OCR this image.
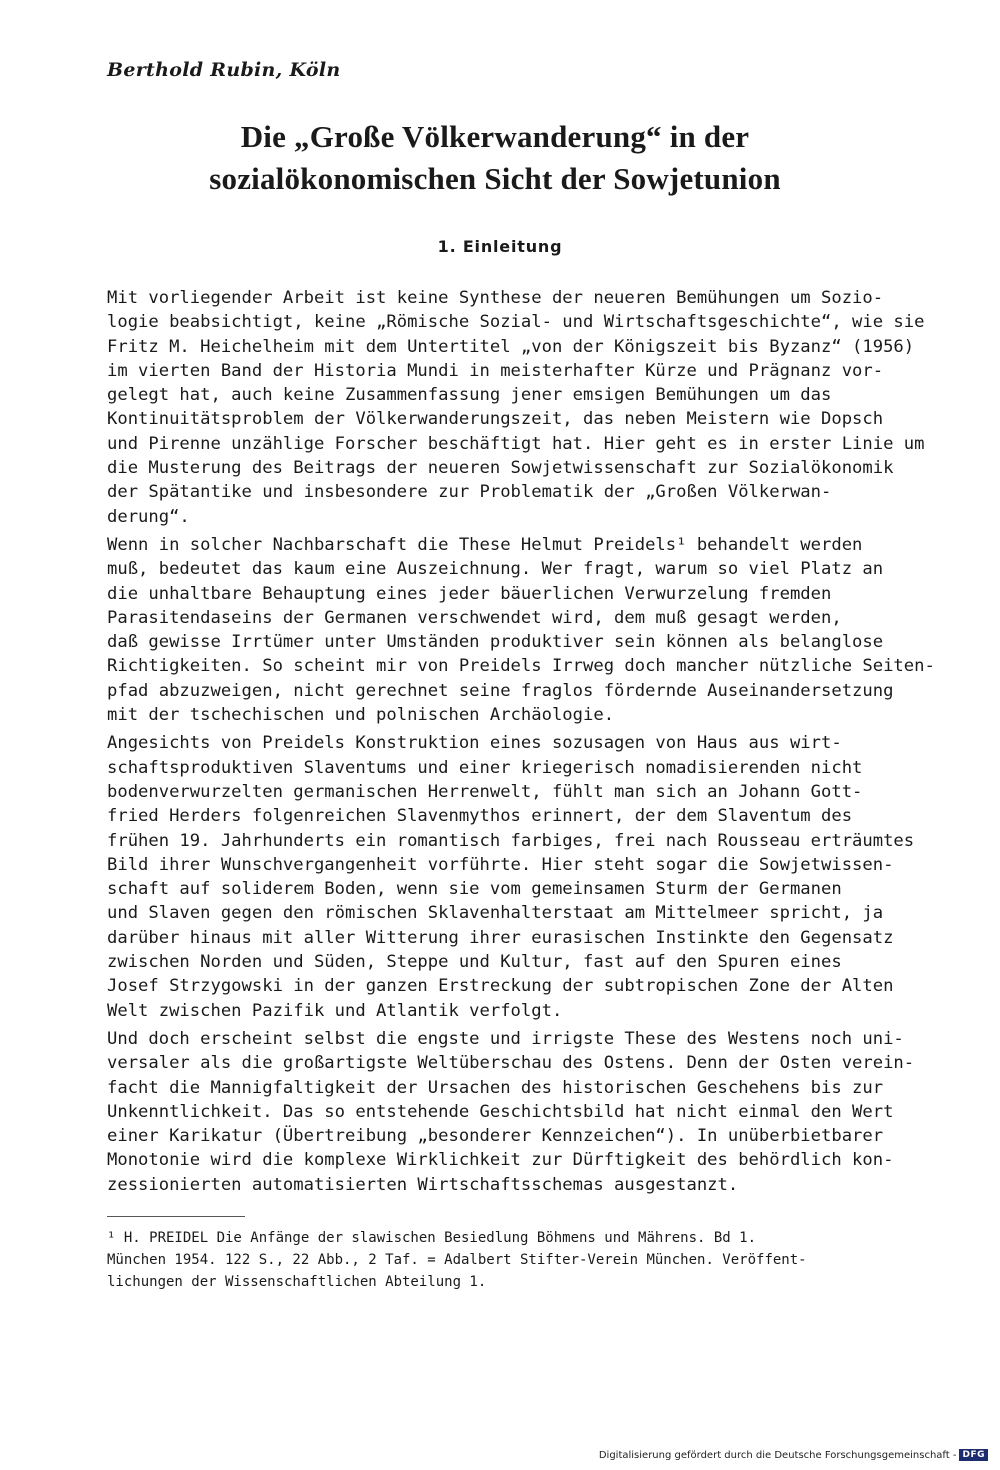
Berthold Rubin, Köln
Die „Große Völkerwanderung“ in der
sozialökonomischen Sicht der Sowjetunion
1. Einleitung
Mit vorliegender Arbeit ist keine Synthese der neueren Bemühungen um Sozio-
logie beabsichtigt, keine „Römische Sozial- und Wirtschaftsgeschichte“, wie sie
Fritz M. Heichelheim mit dem Untertitel „von der Königszeit bis Byzanz“ (1956)
im vierten Band der Historia Mundi in meisterhafter Kürze und Prägnanz vor-
gelegt hat, auch keine Zusammenfassung jener emsigen Bemühungen um das
Kontinuitätsproblem der Völkerwanderungszeit, das neben Meistern wie Dopsch
und Pirenne unzählige Forscher beschäftigt hat. Hier geht es in erster Linie um
die Musterung des Beitrags der neueren Sowjetwissenschaft zur Sozialökonomik
der Spätantike und insbesondere zur Problematik der „Großen Völkerwan-
derung“.
Wenn in solcher Nachbarschaft die These Helmut Preidels¹ behandelt werden
muß, bedeutet das kaum eine Auszeichnung. Wer fragt, warum so viel Platz an
die unhaltbare Behauptung eines jeder bäuerlichen Verwurzelung fremden
Parasitendaseins der Germanen verschwendet wird, dem muß gesagt werden,
daß gewisse Irrtümer unter Umständen produktiver sein können als belanglose
Richtigkeiten. So scheint mir von Preidels Irrweg doch mancher nützliche Seiten-
pfad abzuzweigen, nicht gerechnet seine fraglos fördernde Auseinandersetzung
mit der tschechischen und polnischen Archäologie.
Angesichts von Preidels Konstruktion eines sozusagen von Haus aus wirt-
schaftsproduktiven Slaventums und einer kriegerisch nomadisierenden nicht
bodenverwurzelten germanischen Herrenwelt, fühlt man sich an Johann Gott-
fried Herders folgenreichen Slavenmythos erinnert, der dem Slaventum des
frühen 19. Jahrhunderts ein romantisch farbiges, frei nach Rousseau erträumtes
Bild ihrer Wunschvergangenheit vorführte. Hier steht sogar die Sowjetwissen-
schaft auf soliderem Boden, wenn sie vom gemeinsamen Sturm der Germanen
und Slaven gegen den römischen Sklavenhalterstaat am Mittelmeer spricht, ja
darüber hinaus mit aller Witterung ihrer eurasischen Instinkte den Gegensatz
zwischen Norden und Süden, Steppe und Kultur, fast auf den Spuren eines
Josef Strzygowski in der ganzen Erstreckung der subtropischen Zone der Alten
Welt zwischen Pazifik und Atlantik verfolgt.
Und doch erscheint selbst die engste und irrigste These des Westens noch uni-
versaler als die großartigste Weltüberschau des Ostens. Denn der Osten verein-
facht die Mannigfaltigkeit der Ursachen des historischen Geschehens bis zur
Unkenntlichkeit. Das so entstehende Geschichtsbild hat nicht einmal den Wert
einer Karikatur (Übertreibung „besonderer Kennzeichen“). In unüberbietbarer
Monotonie wird die komplexe Wirklichkeit zur Dürftigkeit des behördlich kon-
zessionierten automatisierten Wirtschaftsschemas ausgestanzt.
¹ H. PREIDEL Die Anfänge der slawischen Besiedlung Böhmens und Mährens. Bd 1.
München 1954. 122 S., 22 Abb., 2 Taf. = Adalbert Stifter-Verein München. Veröffent-
lichungen der Wissenschaftlichen Abteilung 1.
Digitalisierung gefördert durch die Deutsche Forschungsgemeinschaft - DFG
